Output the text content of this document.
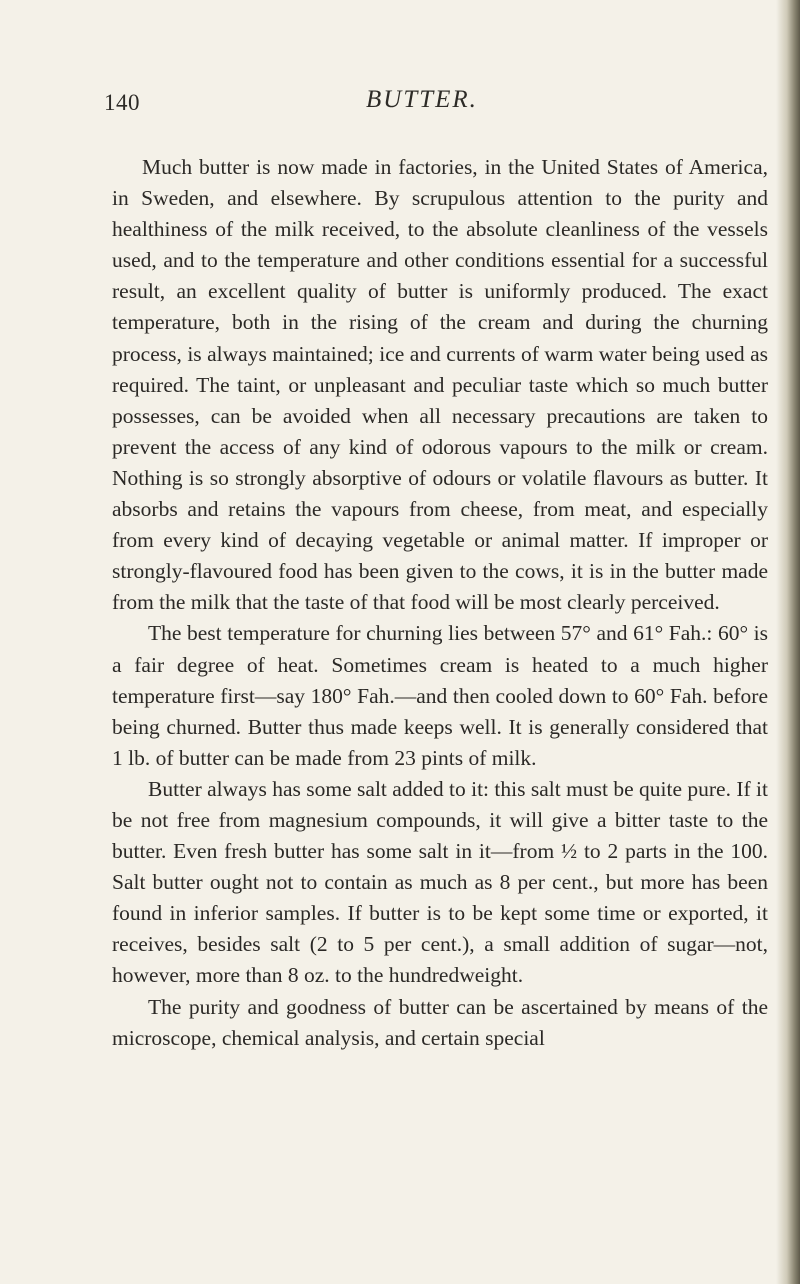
140	BUTTER.

Much butter is now made in factories, in the United States of America, in Sweden, and elsewhere. By scrupulous attention to the purity and healthiness of the milk received, to the absolute cleanliness of the vessels used, and to the temperature and other conditions essential for a successful result, an excellent quality of butter is uniformly produced. The exact temperature, both in the rising of the cream and during the churning process, is always maintained; ice and currents of warm water being used as required. The taint, or unpleasant and peculiar taste which so much butter possesses, can be avoided when all necessary precautions are taken to prevent the access of any kind of odorous vapours to the milk or cream. Nothing is so strongly absorptive of odours or volatile flavours as butter. It absorbs and retains the vapours from cheese, from meat, and especially from every kind of decaying vegetable or animal matter. If improper or strongly-flavoured food has been given to the cows, it is in the butter made from the milk that the taste of that food will be most clearly perceived.

The best temperature for churning lies between 57° and 61° Fah.: 60° is a fair degree of heat. Sometimes cream is heated to a much higher temperature first—say 180° Fah.—and then cooled down to 60° Fah. before being churned. Butter thus made keeps well. It is generally considered that 1 lb. of butter can be made from 23 pints of milk.

Butter always has some salt added to it: this salt must be quite pure. If it be not free from magnesium compounds, it will give a bitter taste to the butter. Even fresh butter has some salt in it—from ½ to 2 parts in the 100. Salt butter ought not to contain as much as 8 per cent., but more has been found in inferior samples. If butter is to be kept some time or exported, it receives, besides salt (2 to 5 per cent.), a small addition of sugar—not, however, more than 8 oz. to the hundredweight.

The purity and goodness of butter can be ascertained by means of the microscope, chemical analysis, and certain special
